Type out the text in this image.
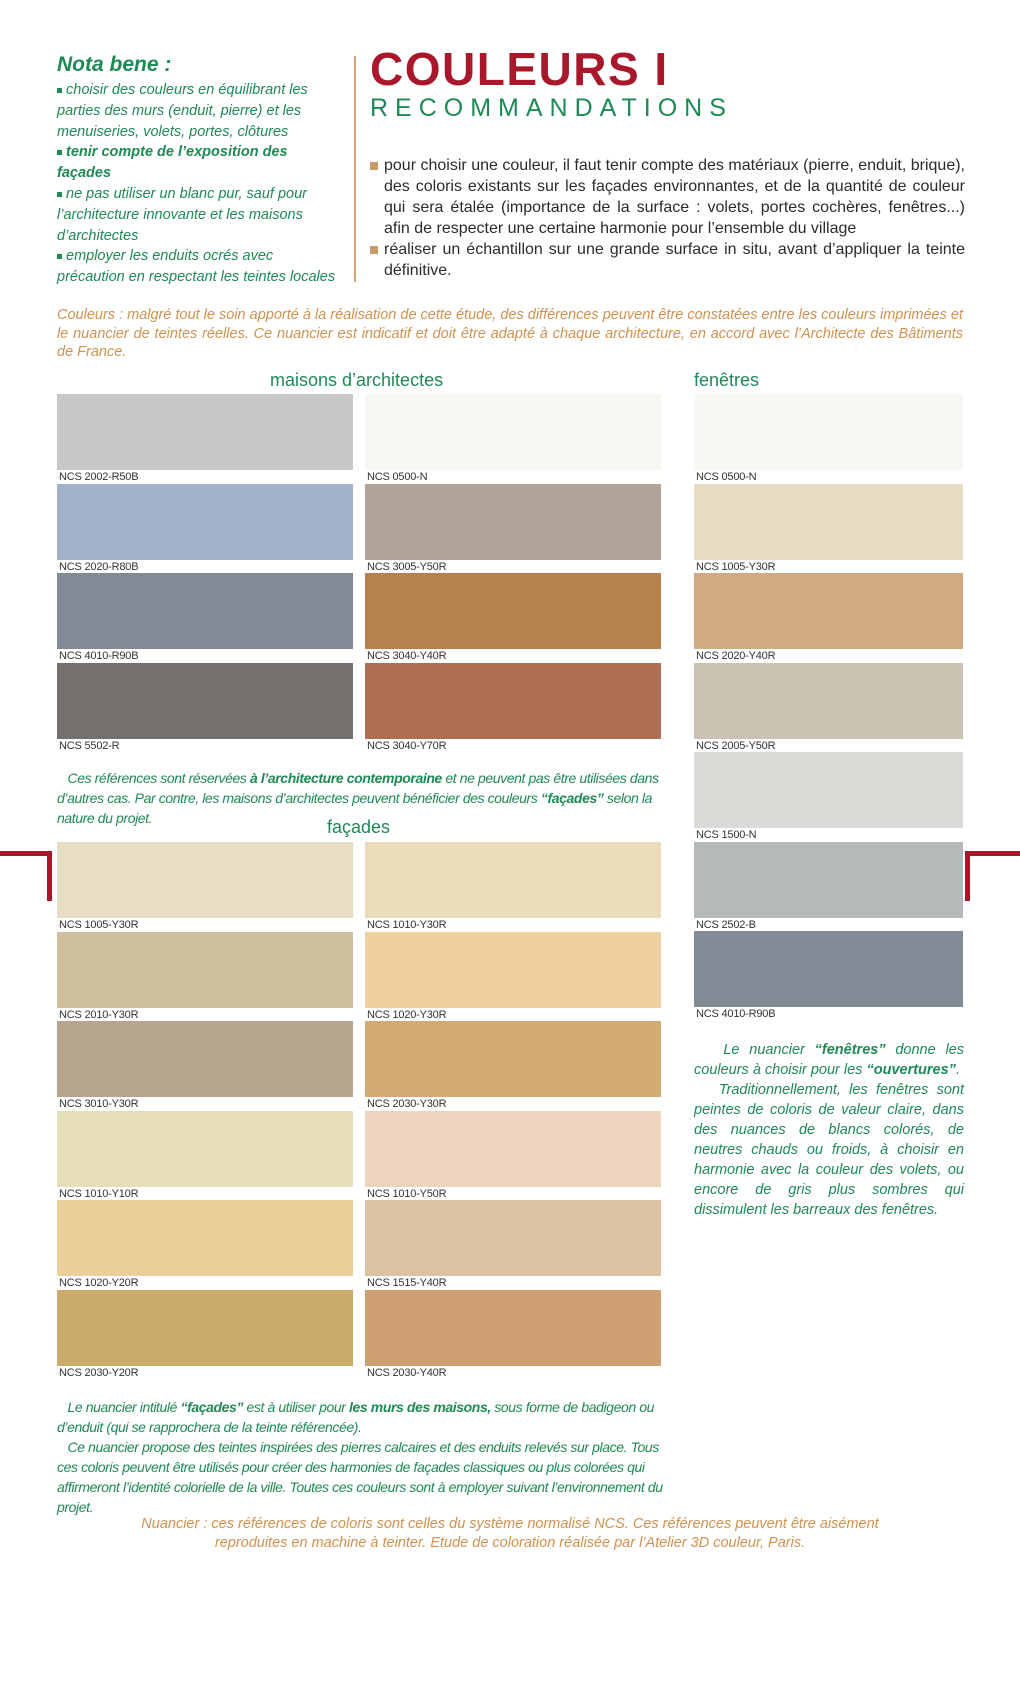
Nota bene :
choisir des couleurs en équilibrant les parties des murs (enduit, pierre) et les menuiseries, volets, portes, clôtures
tenir compte de l’exposition des façades
ne pas utiliser un blanc pur, sauf pour l’architecture innovante et les maisons d’architectes
employer les enduits ocrés avec précaution en respectant les teintes locales
COULEURS I
RECOMMANDATIONS
pour choisir une couleur, il faut tenir compte des matériaux (pierre, enduit, brique), des coloris existants sur les façades environnantes, et de la quantité de couleur qui sera étalée (importance de la surface : volets, portes cochères, fenêtres...) afin de respecter une certaine harmonie pour l’ensemble du village
réaliser un échantillon sur une grande surface in situ, avant d’appliquer la teinte définitive.
Couleurs : malgré tout le soin apporté à la réalisation de cette étude, des différences peuvent être constatées entre les couleurs imprimées et le nuancier de teintes réelles. Ce nuancier est indicatif et doit être adapté à chaque architecture, en accord avec l’Architecte des Bâtiments de France.
maisons d’architectes	fenêtres
façades
NCS 2002-R50B	NCS 0500-N
NCS 2020-R80B	NCS 3005-Y50R
NCS 4010-R90B	NCS 3040-Y40R
NCS 5502-R	NCS 3040-Y70R
NCS 0500-N
NCS 1005-Y30R
NCS 2020-Y40R
NCS 2005-Y50R
NCS 1500-N
NCS 2502-B
NCS 4010-R90B
NCS 1005-Y30R	NCS 1010-Y30R
NCS 2010-Y30R	NCS 1020-Y30R
NCS 3010-Y30R	NCS 2030-Y30R
NCS 1010-Y10R	NCS 1010-Y50R
NCS 1020-Y20R	NCS 1515-Y40R
NCS 2030-Y20R	NCS 2030-Y40R
Ces références sont réservées à l’architecture contemporaine et ne peuvent pas être utilisées dans d’autres cas. Par contre, les maisons d’architectes peuvent bénéficier des couleurs “façades” selon la nature du projet.
Le nuancier “fenêtres” donne les couleurs à choisir pour les “ouvertures”.
Traditionnellement, les fenêtres sont peintes de coloris de valeur claire, dans des nuances de blancs colorés, de neutres chauds ou froids, à choisir en harmonie avec la couleur des volets, ou encore de gris plus sombres qui dissimulent les barreaux des fenêtres.
Le nuancier intitulé “façades” est à utiliser pour les murs des maisons, sous forme de badigeon ou d’enduit (qui se rapprochera de la teinte référencée).
Ce nuancier propose des teintes inspirées des pierres calcaires et des enduits relevés sur place. Tous ces coloris peuvent être utilisés pour créer des harmonies de façades classiques ou plus colorées qui affirmeront l’identité colorielle de la ville. Toutes ces couleurs sont à employer suivant l’environnement du projet.
Nuancier : ces références de coloris sont celles du système normalisé NCS. Ces références peuvent être aisément reproduites en machine à teinter. Etude de coloration réalisée par l’Atelier 3D couleur, Paris.
